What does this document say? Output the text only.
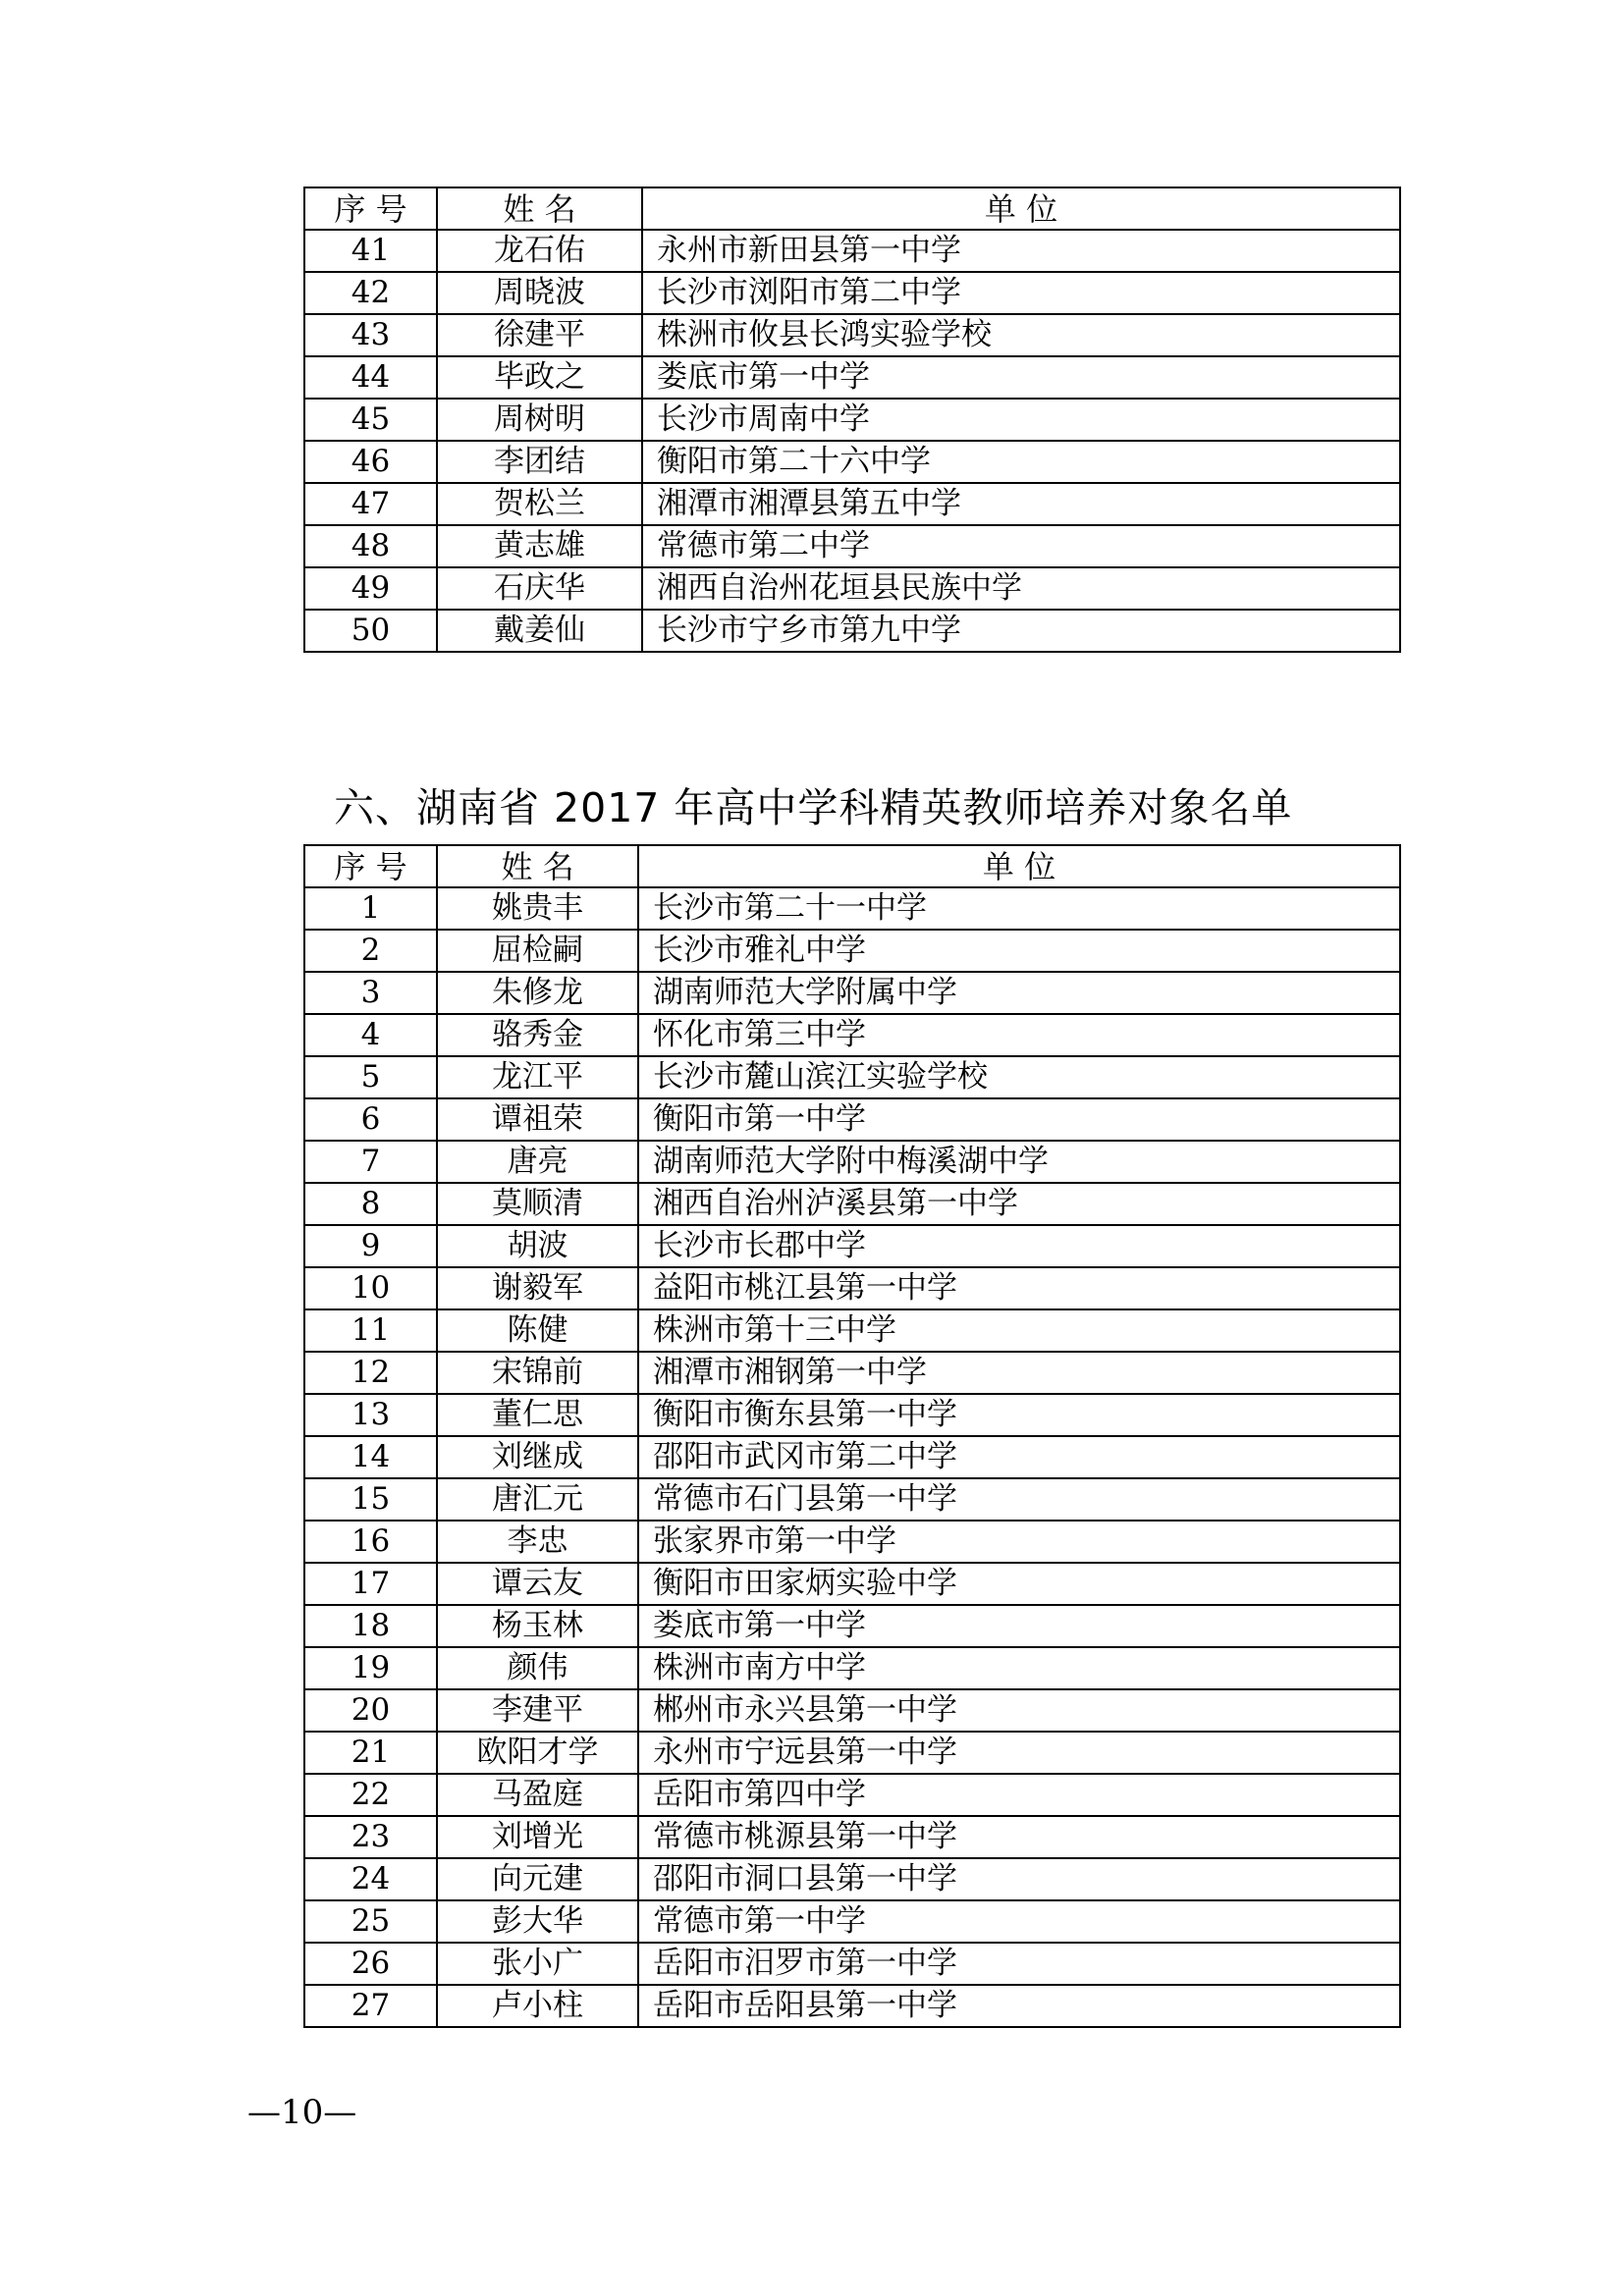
序 号	姓 名	单 位
41	龙石佑	永州市新田县第一中学
42	周晓波	长沙市浏阳市第二中学
43	徐建平	株洲市攸县长鸿实验学校
44	毕政之	娄底市第一中学
45	周树明	长沙市周南中学
46	李团结	衡阳市第二十六中学
47	贺松兰	湘潭市湘潭县第五中学
48	黄志雄	常德市第二中学
49	石庆华	湘西自治州花垣县民族中学
50	戴姜仙	长沙市宁乡市第九中学
六、湖南省 2017 年高中学科精英教师培养对象名单
序 号	姓 名	单 位
1	姚贵丰	长沙市第二十一中学
2	屈检嗣	长沙市雅礼中学
3	朱修龙	湖南师范大学附属中学
4	骆秀金	怀化市第三中学
5	龙江平	长沙市麓山滨江实验学校
6	谭祖荣	衡阳市第一中学
7	唐亮	湖南师范大学附中梅溪湖中学
8	莫顺清	湘西自治州泸溪县第一中学
9	胡波	长沙市长郡中学
10	谢毅军	益阳市桃江县第一中学
11	陈健	株洲市第十三中学
12	宋锦前	湘潭市湘钢第一中学
13	董仁思	衡阳市衡东县第一中学
14	刘继成	邵阳市武冈市第二中学
15	唐汇元	常德市石门县第一中学
16	李忠	张家界市第一中学
17	谭云友	衡阳市田家炳实验中学
18	杨玉林	娄底市第一中学
19	颜伟	株洲市南方中学
20	李建平	郴州市永兴县第一中学
21	欧阳才学	永州市宁远县第一中学
22	马盈庭	岳阳市第四中学
23	刘增光	常德市桃源县第一中学
24	向元建	邵阳市洞口县第一中学
25	彭大华	常德市第一中学
26	张小广	岳阳市汨罗市第一中学
27	卢小柱	岳阳市岳阳县第一中学
—10—
